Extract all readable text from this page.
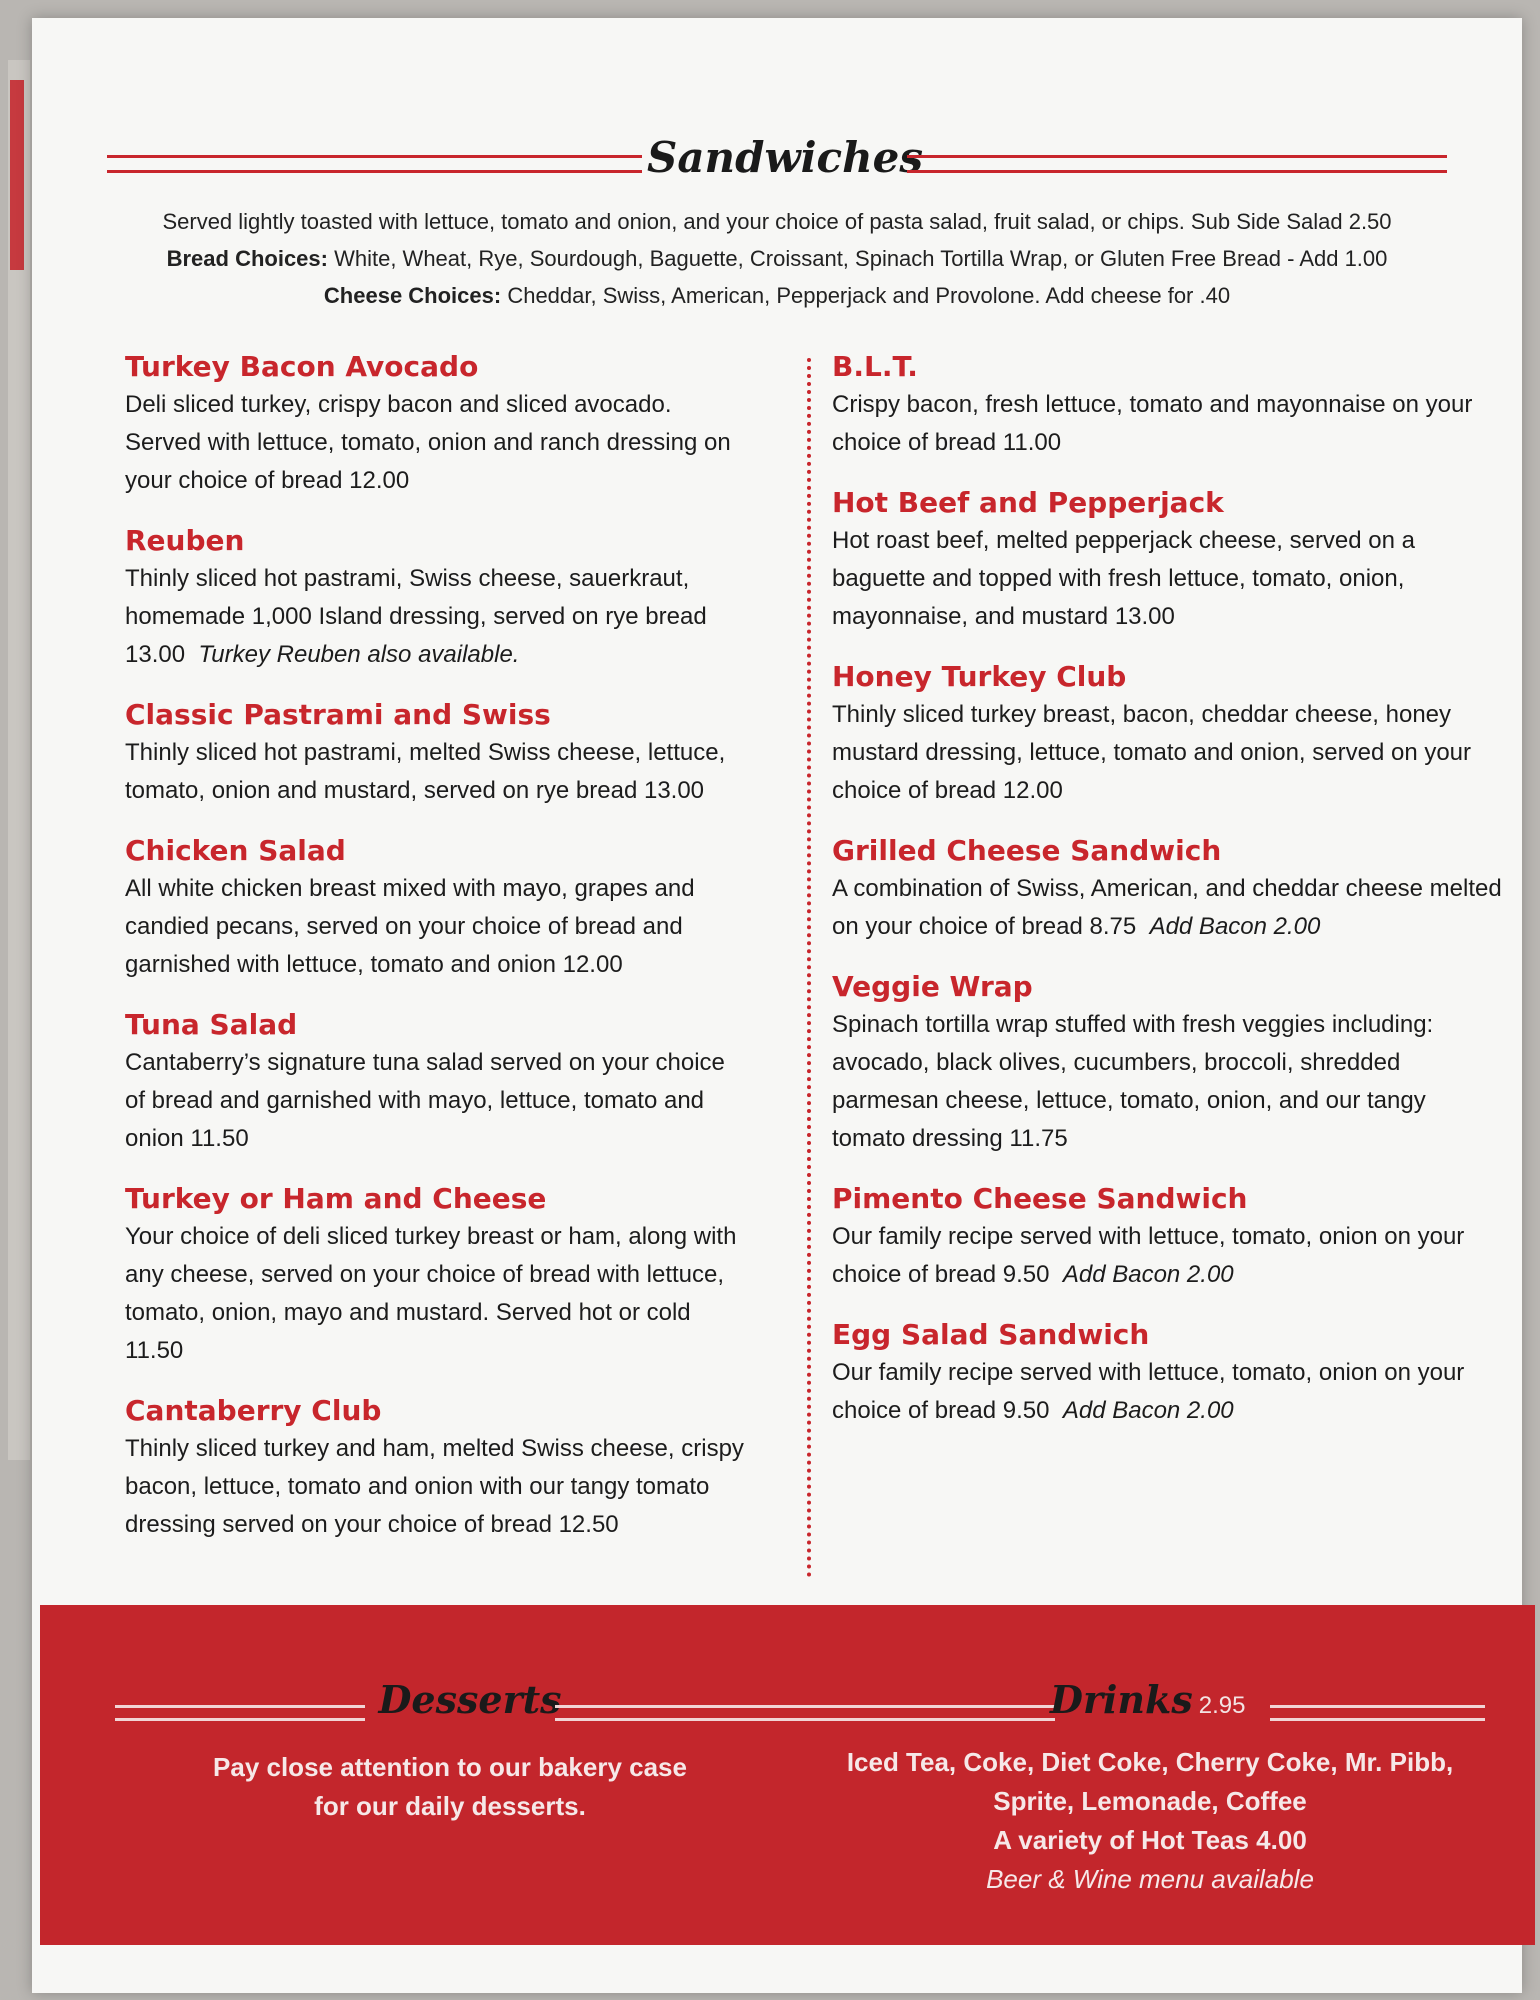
Sandwiches
Served lightly toasted with lettuce, tomato and onion, and your choice of pasta salad, fruit salad, or chips. Sub Side Salad 2.50
Bread Choices: White, Wheat, Rye, Sourdough, Baguette, Croissant, Spinach Tortilla Wrap, or Gluten Free Bread - Add 1.00
Cheese Choices: Cheddar, Swiss, American, Pepperjack and Provolone. Add cheese for .40
Turkey Bacon Avocado
Deli sliced turkey, crispy bacon and sliced avocado. Served with lettuce, tomato, onion and ranch dressing on your choice of bread 12.00
Reuben
Thinly sliced hot pastrami, Swiss cheese, sauerkraut, homemade 1,000 Island dressing, served on rye bread 13.00 Turkey Reuben also available.
Classic Pastrami and Swiss
Thinly sliced hot pastrami, melted Swiss cheese, lettuce, tomato, onion and mustard, served on rye bread 13.00
Chicken Salad
All white chicken breast mixed with mayo, grapes and candied pecans, served on your choice of bread and garnished with lettuce, tomato and onion 12.00
Tuna Salad
Cantaberry’s signature tuna salad served on your choice of bread and garnished with mayo, lettuce, tomato and onion 11.50
Turkey or Ham and Cheese
Your choice of deli sliced turkey breast or ham, along with any cheese, served on your choice of bread with lettuce, tomato, onion, mayo and mustard. Served hot or cold 11.50
Cantaberry Club
Thinly sliced turkey and ham, melted Swiss cheese, crispy bacon, lettuce, tomato and onion with our tangy tomato dressing served on your choice of bread 12.50
B.L.T.
Crispy bacon, fresh lettuce, tomato and mayonnaise on your choice of bread 11.00
Hot Beef and Pepperjack
Hot roast beef, melted pepperjack cheese, served on a baguette and topped with fresh lettuce, tomato, onion, mayonnaise, and mustard 13.00
Honey Turkey Club
Thinly sliced turkey breast, bacon, cheddar cheese, honey mustard dressing, lettuce, tomato and onion, served on your choice of bread 12.00
Grilled Cheese Sandwich
A combination of Swiss, American, and cheddar cheese melted on your choice of bread 8.75 Add Bacon 2.00
Veggie Wrap
Spinach tortilla wrap stuffed with fresh veggies including: avocado, black olives, cucumbers, broccoli, shredded parmesan cheese, lettuce, tomato, onion, and our tangy tomato dressing 11.75
Pimento Cheese Sandwich
Our family recipe served with lettuce, tomato, onion on your choice of bread 9.50 Add Bacon 2.00
Egg Salad Sandwich
Our family recipe served with lettuce, tomato, onion on your choice of bread 9.50 Add Bacon 2.00
Desserts	Drinks 2.95
Pay close attention to our bakery case
for our daily desserts.
Iced Tea, Coke, Diet Coke, Cherry Coke, Mr. Pibb,
Sprite, Lemonade, Coffee
A variety of Hot Teas 4.00
Beer & Wine menu available
